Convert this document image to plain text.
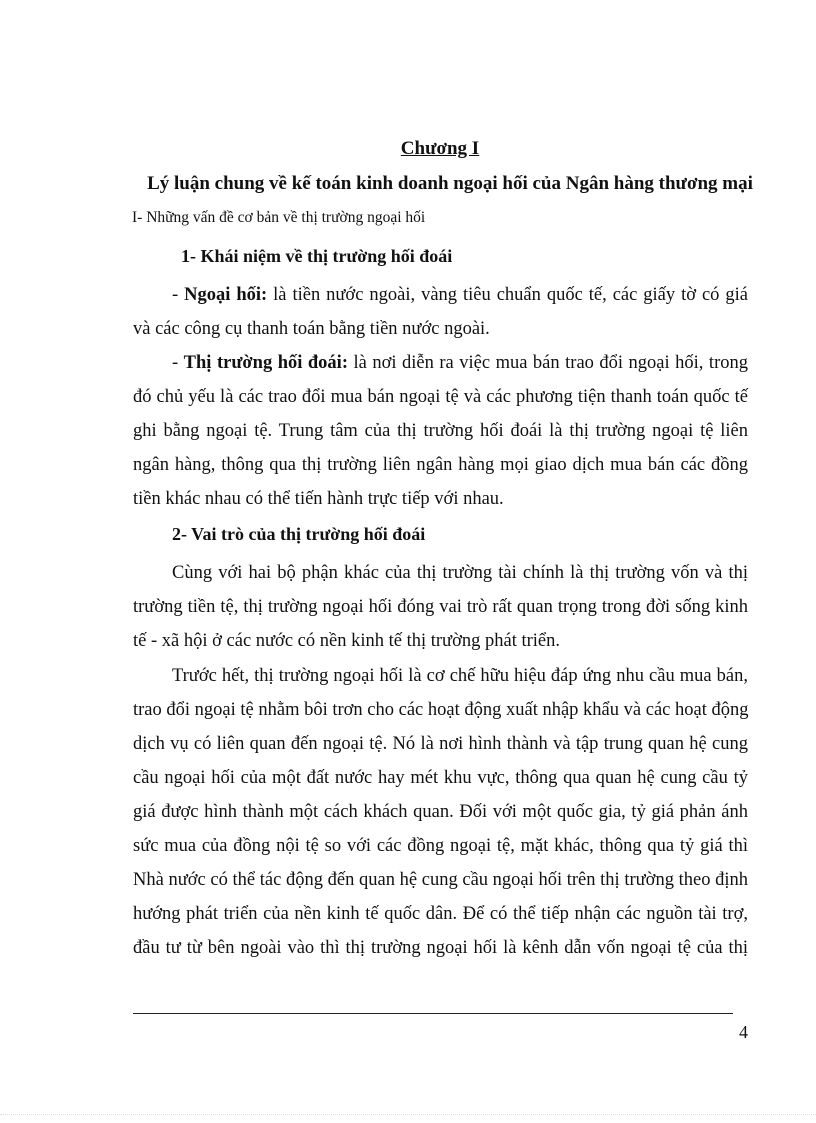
Chương I
Lý luận chung về kế toán kinh doanh ngoại hối của Ngân hàng thương mại
I- Những vấn đề cơ bản về thị trường ngoại hối
1- Khái niệm về thị trường hối đoái
- Ngoại hối: là tiền nước ngoài, vàng tiêu chuẩn quốc tế, các giấy tờ có giá
và các công cụ thanh toán bằng tiền nước ngoài.
- Thị trường hối đoái: là nơi diễn ra việc mua bán trao đổi ngoại hối, trong
đó chủ yếu là các trao đổi mua bán ngoại tệ và các phương tiện thanh toán quốc tế
ghi bằng ngoại tệ. Trung tâm của thị trường hối đoái là thị trường ngoại tệ liên
ngân hàng, thông qua thị trường liên ngân hàng mọi giao dịch mua bán các đồng
tiền khác nhau có thể tiến hành trực tiếp với nhau.
2- Vai trò của thị trường hối đoái
Cùng với hai bộ phận khác của thị trường tài chính là thị trường vốn và thị
trường tiền tệ, thị trường ngoại hối đóng vai trò rất quan trọng trong đời sống kinh
tế - xã hội ở các nước có nền kinh tế thị trường phát triển.
Trước hết, thị trường ngoại hối là cơ chế hữu hiệu đáp ứng nhu cầu mua bán,
trao đổi ngoại tệ nhằm bôi trơn cho các hoạt động xuất nhập khẩu và các hoạt động
dịch vụ có liên quan đến ngoại tệ. Nó là nơi hình thành và tập trung quan hệ cung
cầu ngoại hối của một đất nước hay mét khu vực, thông qua quan hệ cung cầu tỷ
giá được hình thành một cách khách quan. Đối với một quốc gia, tỷ giá phản ánh
sức mua của đồng nội tệ so với các đồng ngoại tệ, mặt khác, thông qua tỷ giá thì
Nhà nước có thể tác động đến quan hệ cung cầu ngoại hối trên thị trường theo định
hướng phát triển của nền kinh tế quốc dân. Để có thể tiếp nhận các nguồn tài trợ,
đầu tư từ bên ngoài vào thì thị trường ngoại hối là kênh dẫn vốn ngoại tệ của thị
4
